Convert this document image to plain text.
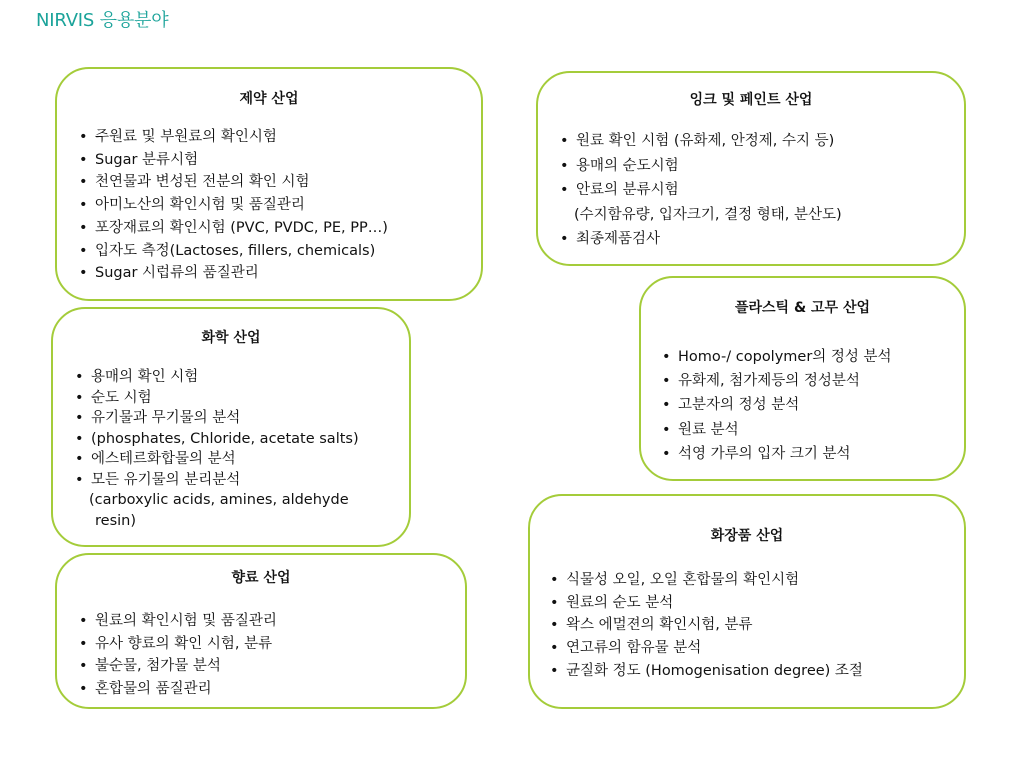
NIRVIS 응용분야
제약 산업
• 주원료 및 부원료의 확인시험
• Sugar 분류시험
• 천연물과 변성된 전분의 확인 시험
• 아미노산의 확인시험 및 품질관리
• 포장재료의 확인시험 (PVC, PVDC, PE, PP…)
• 입자도 측정(Lactoses, fillers, chemicals)
• Sugar 시럽류의 품질관리
화학 산업
• 용매의 확인 시험
• 순도 시험
• 유기물과 무기물의 분석
• (phosphates, Chloride, acetate salts)
• 에스테르화합물의 분석
• 모든 유기물의 분리분석
(carboxylic acids, amines, aldehyde
resin)
향료 산업
• 원료의 확인시험 및 품질관리
• 유사 향료의 확인 시험, 분류
• 불순물, 첨가물 분석
• 혼합물의 품질관리
잉크 및 페인트 산업
• 원료 확인 시험 (유화제, 안정제, 수지 등)
• 용매의 순도시험
• 안료의 분류시험
(수지함유량, 입자크기, 결정 형태, 분산도)
• 최종제품검사
플라스틱 & 고무 산업
• Homo-/ copolymer의 정성 분석
• 유화제, 첨가제등의 정성분석
• 고분자의 정성 분석
• 원료 분석
• 석영 가루의 입자 크기 분석
화장품 산업
• 식물성 오일, 오일 혼합물의 확인시험
• 원료의 순도 분석
• 왁스 에멀젼의 확인시험, 분류
• 연고류의 함유물 분석
• 균질화 정도 (Homogenisation degree) 조절
